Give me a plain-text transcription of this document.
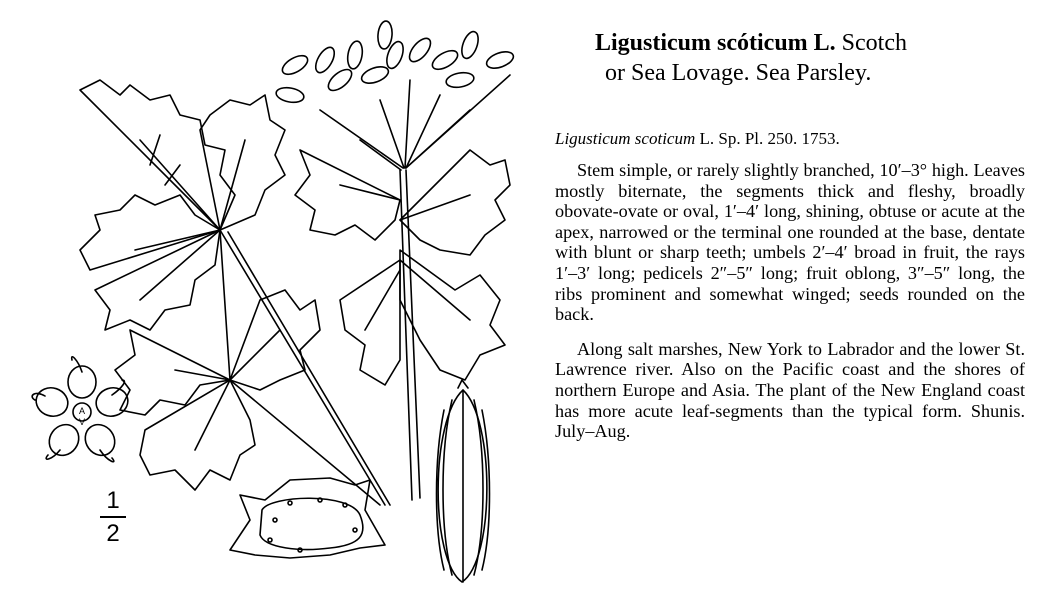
A
V
1
2
Ligusticum scóticum L. Scotch
or Sea Lovage. Sea Parsley.
Ligusticum scoticum L. Sp. Pl. 250. 1753.

Stem simple, or rarely slightly branched, 10′–3° high. Leaves mostly biternate, the segments thick and fleshy, broadly obovate-ovate or oval, 1′–4′ long, shining, obtuse or acute at the apex, narrowed or the terminal one rounded at the base, dentate with blunt or sharp teeth; umbels 2′–4′ broad in fruit, the rays 1′–3′ long; pedicels 2″–5″ long; fruit oblong, 3″–5″ long, the ribs prominent and somewhat winged; seeds rounded on the back.

Along salt marshes, New York to Labrador and the lower St. Lawrence river. Also on the Pacific coast and the shores of northern Europe and Asia. The plant of the New England coast has more acute leaf-segments than the typical form. Shunis. July–Aug.
